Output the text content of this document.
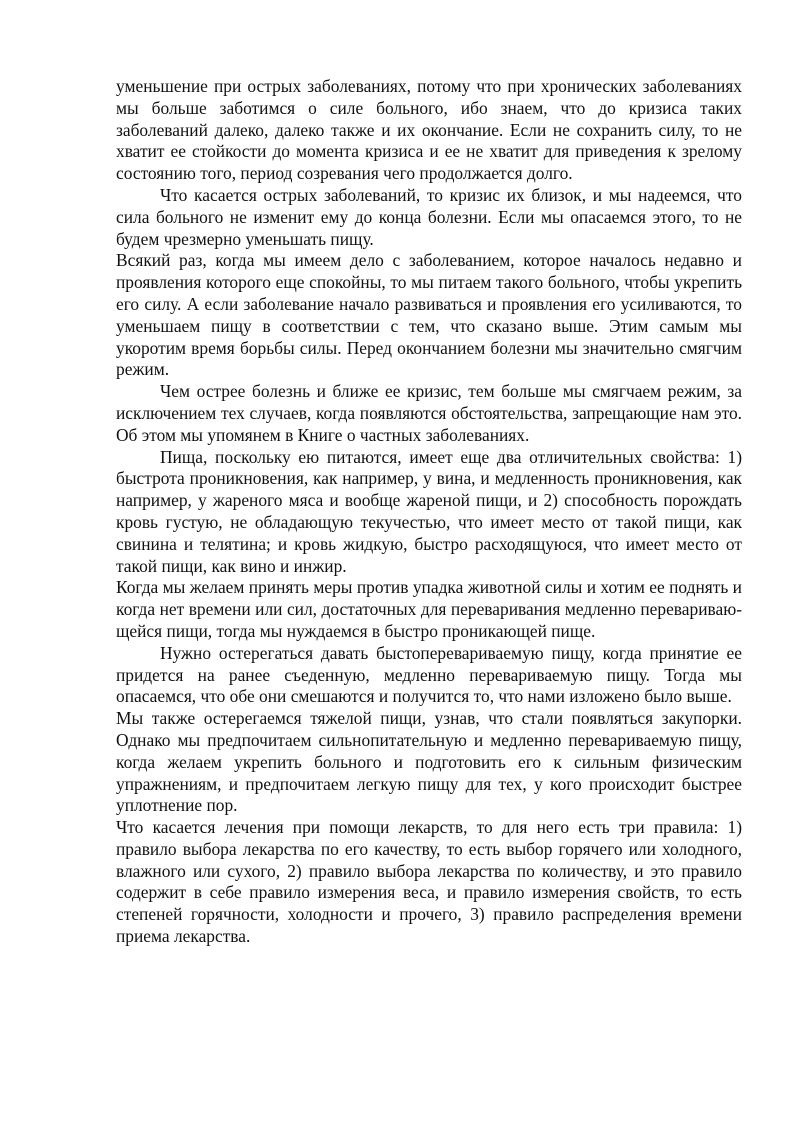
уменьшение при острых заболеваниях, потому что при хронических заболеваниях мы больше заботимся о силе больного, ибо знаем, что до кризиса таких заболеваний далеко, далеко также и их окончание. Если не сохранить силу, то не хватит ее стойкости до момента кризиса и ее не хватит для приведения к зрелому состоянию того, период созревания чего продолжается долго.

Что касается острых заболеваний, то кризис их близок, и мы надеемся, что сила больного не изменит ему до конца болезни. Если мы опасаемся этого, то не будем чрезмерно уменьшать пищу.

Всякий раз, когда мы имеем дело с заболеванием, которое началось недавно и проявления которого еще спокойны, то мы питаем такого больного, чтобы укрепить его силу. А если заболевание начало развиваться и проявления его усиливаются, то уменьшаем пищу в соответствии с тем, что сказано выше. Этим самым мы укоротим время борьбы силы. Перед окончанием болезни мы значительно смягчим режим.

Чем острее болезнь и ближе ее кризис, тем больше мы смягчаем режим, за исключением тех случаев, когда появляются обстоятельства, запрещающие нам это. Об этом мы упомянем в Книге о частных заболеваниях.

Пища, поскольку ею питаются, имеет еще два отличительных свойства: 1) быстрота проникновения, как например, у вина, и медленность проникновения, как например, у жареного мяса и вообще жареной пищи, и 2) способность порождать кровь густую, не обладающую текучестью, что имеет место от такой пищи, как свинина и телятина; и кровь жидкую, быстро расходящуюся, что имеет место от такой пищи, как вино и инжир.

Когда мы желаем принять меры против упадка животной силы и хотим ее поднять и когда нет времени или сил, достаточных для переваривания медленно переваривающейся пищи, тогда мы нуждаемся в быстро проникающей пище.

Нужно остерегаться давать быстоперевариваемую пищу, когда принятие ее придется на ранее съеденную, медленно перевариваемую пищу. Тогда мы опасаемся, что обе они смешаются и получится то, что нами изложено было выше.

Мы также остерегаемся тяжелой пищи, узнав, что стали появляться закупорки. Однако мы предпочитаем сильнопитательную и медленно перевариваемую пищу, когда желаем укрепить больного и подготовить его к сильным физическим упражнениям, и предпочитаем легкую пищу для тех, у кого происходит быстрее уплотнение пор.

Что касается лечения при помощи лекарств, то для него есть три правила: 1) правило выбора лекарства по его качеству, то есть выбор горячего или холодного, влажного или сухого, 2) правило выбора лекарства по количеству, и это правило содержит в себе правило измерения веса, и правило измерения свойств, то есть степеней горячности, холодности и прочего, 3) правило распределения времени приема лекарства.
